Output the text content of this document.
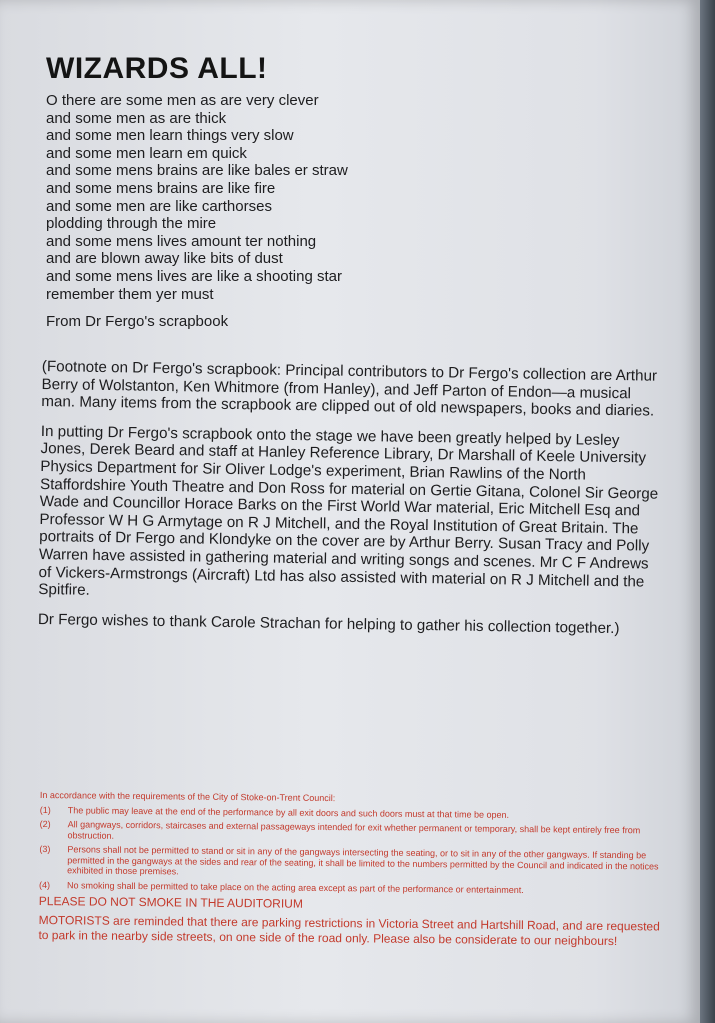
WIZARDS ALL!
O there are some men as are very clever
and some men as are thick
and some men learn things very slow
and some men learn em quick
and some mens brains are like bales er straw
and some mens brains are like fire
and some men are like carthorses
plodding through the mire
and some mens lives amount ter nothing
and are blown away like bits of dust
and some mens lives are like a shooting star
remember them yer must
From Dr Fergo's scrapbook

(Footnote on Dr Fergo's scrapbook: Principal contributors to Dr Fergo's collection are Arthur Berry of Wolstanton, Ken Whitmore (from Hanley), and Jeff Parton of Endon—a musical man. Many items from the scrapbook are clipped out of old newspapers, books and diaries.

In putting Dr Fergo's scrapbook onto the stage we have been greatly helped by Lesley Jones, Derek Beard and staff at Hanley Reference Library, Dr Marshall of Keele University Physics Department for Sir Oliver Lodge's experiment, Brian Rawlins of the North Staffordshire Youth Theatre and Don Ross for material on Gertie Gitana, Colonel Sir George Wade and Councillor Horace Barks on the First World War material, Eric Mitchell Esq and Professor W H G Armytage on R J Mitchell, and the Royal Institution of Great Britain. The portraits of Dr Fergo and Klondyke on the cover are by Arthur Berry. Susan Tracy and Polly Warren have assisted in gathering material and writing songs and scenes. Mr C F Andrews of Vickers-Armstrongs (Aircraft) Ltd has also assisted with material on R J Mitchell and the Spitfire.

Dr Fergo wishes to thank Carole Strachan for helping to gather his collection together.)

In accordance with the requirements of the City of Stoke-on-Trent Council:
(1)	The public may leave at the end of the performance by all exit doors and such doors must at that time be open.
(2)	All gangways, corridors, staircases and external passageways intended for exit whether permanent or temporary, shall be kept entirely free from obstruction.
(3)	Persons shall not be permitted to stand or sit in any of the gangways intersecting the seating, or to sit in any of the other gangways. If standing be permitted in the gangways at the sides and rear of the seating, it shall be limited to the numbers permitted by the Council and indicated in the notices exhibited in those premises.
(4)	No smoking shall be permitted to take place on the acting area except as part of the performance or entertainment.
PLEASE DO NOT SMOKE IN THE AUDITORIUM
MOTORISTS are reminded that there are parking restrictions in Victoria Street and Hartshill Road, and are requested to park in the nearby side streets, on one side of the road only. Please also be considerate to our neighbours!
